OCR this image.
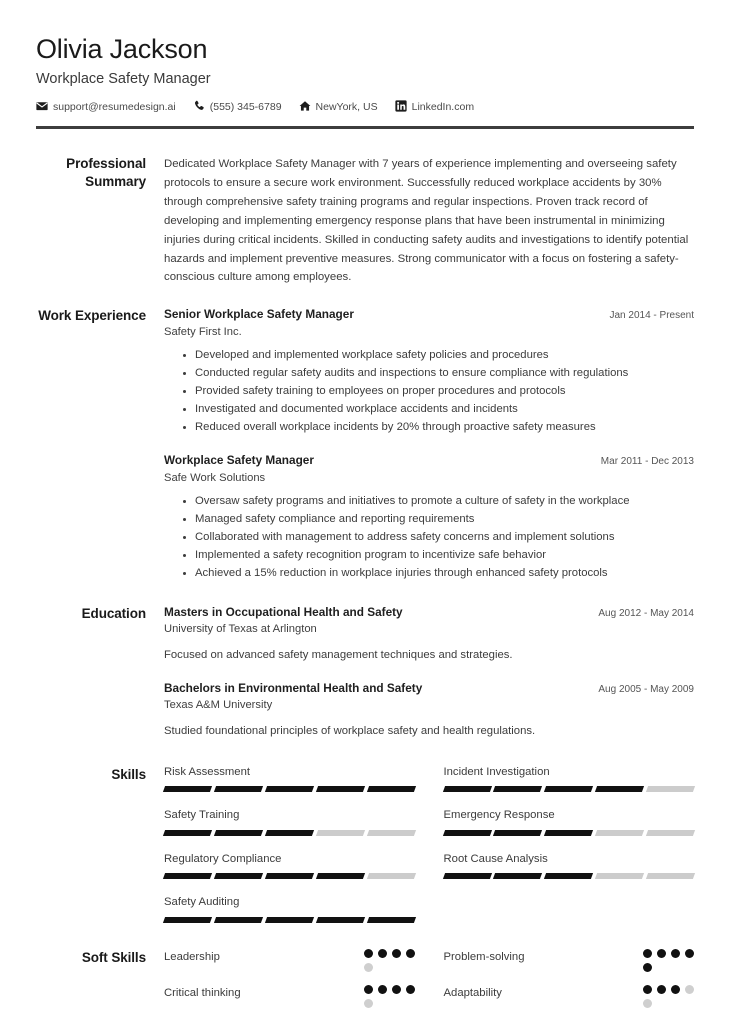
Olivia Jackson
Workplace Safety Manager
support@resumedesign.ai	(555) 345-6789	NewYork, US	LinkedIn.com
Professional Summary

Dedicated Workplace Safety Manager with 7 years of experience implementing and overseeing safety protocols to ensure a secure work environment. Successfully reduced workplace accidents by 30% through comprehensive safety training programs and regular inspections. Proven track record of developing and implementing emergency response plans that have been instrumental in minimizing injuries during critical incidents. Skilled in conducting safety audits and investigations to identify potential hazards and implement preventive measures. Strong communicator with a focus on fostering a safety-conscious culture among employees.

Work Experience	Senior Workplace Safety Manager	Jan 2014 - Present
Safety First Inc.
Developed and implemented workplace safety policies and procedures
Conducted regular safety audits and inspections to ensure compliance with regulations
Provided safety training to employees on proper procedures and protocols
Investigated and documented workplace accidents and incidents
Reduced overall workplace incidents by 20% through proactive safety measures
Workplace Safety Manager	Mar 2011 - Dec 2013
Safe Work Solutions
Oversaw safety programs and initiatives to promote a culture of safety in the workplace
Managed safety compliance and reporting requirements
Collaborated with management to address safety concerns and implement solutions
Implemented a safety recognition program to incentivize safe behavior
Achieved a 15% reduction in workplace injuries through enhanced safety protocols
Education	Masters in Occupational Health and Safety	Aug 2012 - May 2014
University of Texas at Arlington
Focused on advanced safety management techniques and strategies.
Bachelors in Environmental Health and Safety	Aug 2005 - May 2009
Texas A&M University
Studied foundational principles of workplace safety and health regulations.
Skills	Risk Assessment	Incident Investigation
Safety Training	Emergency Response
Regulatory Compliance	Root Cause Analysis
Safety Auditing
Soft Skills	Leadership	Problem-solving
Critical thinking	Adaptability
